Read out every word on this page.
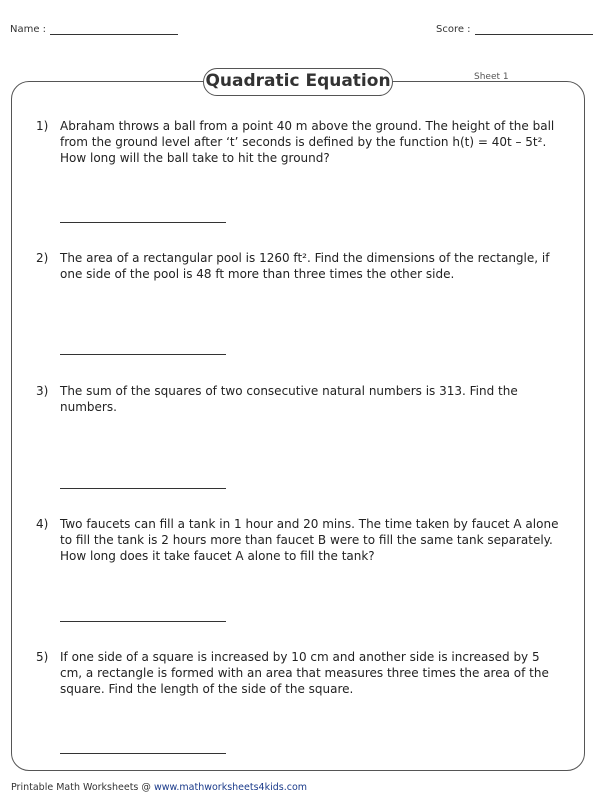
Name :	Score :
Quadratic Equation	Sheet 1
1) Abraham throws a ball from a point 40 m above the ground. The height of the ball from the ground level after ‘t’ seconds is defined by the function h(t) = 40t – 5t². How long will the ball take to hit the ground?
2) The area of a rectangular pool is 1260 ft². Find the dimensions of the rectangle, if one side of the pool is 48 ft more than three times the other side.
3) The sum of the squares of two consecutive natural numbers is 313. Find the numbers.
4) Two faucets can fill a tank in 1 hour and 20 mins. The time taken by faucet A alone to fill the tank is 2 hours more than faucet B were to fill the same tank separately. How long does it take faucet A alone to fill the tank?
5) If one side of a square is increased by 10 cm and another side is increased by 5 cm, a rectangle is formed with an area that measures three times the area of the square. Find the length of the side of the square.
Printable Math Worksheets @ www.mathworksheets4kids.com
